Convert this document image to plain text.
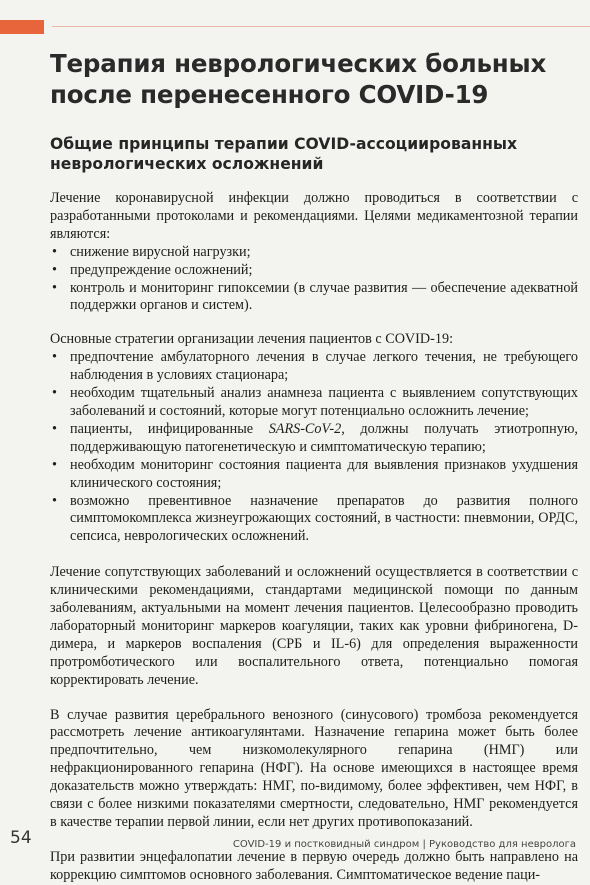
Терапия неврологических больных после перенесенного COVID-19
Общие принципы терапии COVID-ассоциированных неврологических осложнений

Лечение коронавирусной инфекции должно проводиться в соответствии с разработанными протоколами и рекомендациями. Целями медикаментозной терапии являются:

• снижение вирусной нагрузки;
• предупреждение осложнений;
• контроль и мониторинг гипоксемии (в случае развития — обеспечение адекватной поддержки органов и систем).

Основные стратегии организации лечения пациентов с COVID-19:

• предпочтение амбулаторного лечения в случае легкого течения, не требующего наблюдения в условиях стационара;
• необходим тщательный анализ анамнеза пациента с выявлением сопутствующих заболеваний и состояний, которые могут потенциально осложнить лечение;
• пациенты, инфицированные SARS-CoV-2, должны получать этиотропную, поддерживающую патогенетическую и симптоматическую терапию;
• необходим мониторинг состояния пациента для выявления признаков ухудшения клинического состояния;
• возможно превентивное назначение препаратов до развития полного симптомокомплекса жизнеугрожающих состояний, в частности: пневмонии, ОРДС, сепсиса, неврологических осложнений.

Лечение сопутствующих заболеваний и осложнений осуществляется в соответствии с клиническими рекомендациями, стандартами медицинской помощи по данным заболеваниям, актуальными на момент лечения пациентов. Целесообразно проводить лабораторный мониторинг маркеров коагуляции, таких как уровни фибриногена, D-димера, и маркеров воспаления (СРБ и IL-6) для определения выраженности протромботического или воспалительного ответа, потенциально помогая корректировать лечение.

В случае развития церебрального венозного (синусового) тромбоза рекомендуется рассмотреть лечение антикоагулянтами. Назначение гепарина может быть более предпочтительно, чем низкомолекулярного гепарина (НМГ) или нефракционированного гепарина (НФГ). На основе имеющихся в настоящее время доказательств можно утверждать: НМГ, по-видимому, более эффективен, чем НФГ, в связи с более низкими показателями смертности, следовательно, НМГ рекомендуется в качестве терапии первой линии, если нет других противопоказаний.

При развитии энцефалопатии лечение в первую очередь должно быть направлено на коррекцию симптомов основного заболевания. Симптоматическое ведение паци-

54	COVID-19 и постковидный синдром | Руководство для невролога
